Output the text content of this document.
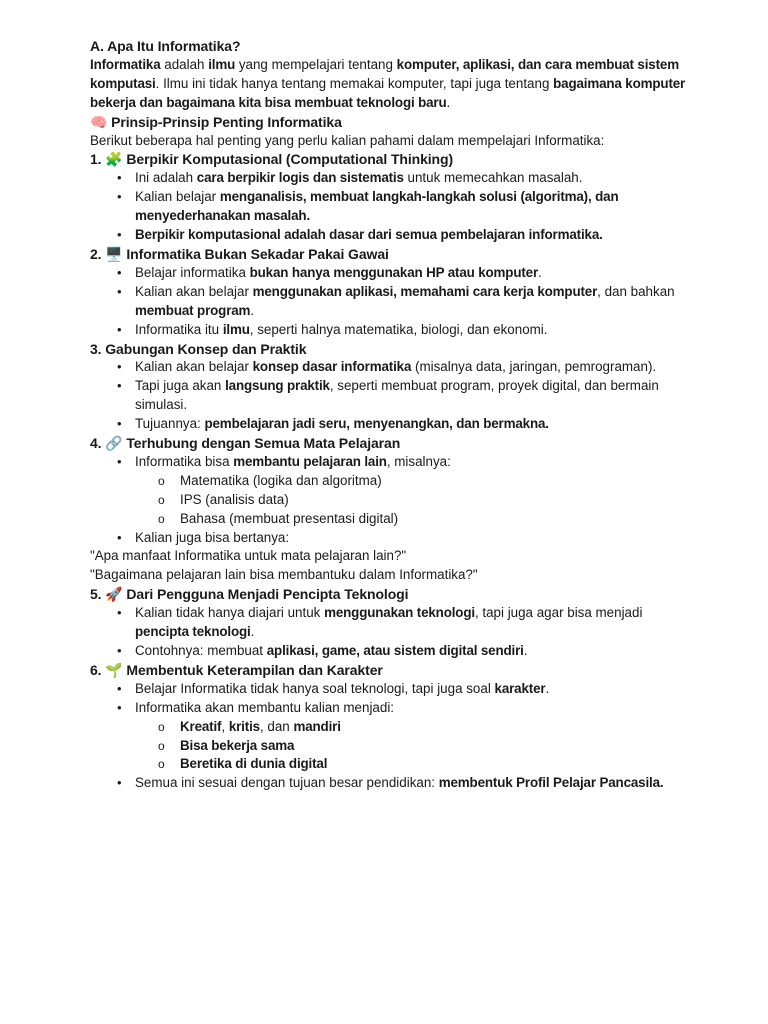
A. Apa Itu Informatika?

Informatika adalah ilmu yang mempelajari tentang komputer, aplikasi, dan cara membuat sistem komputasi. Ilmu ini tidak hanya tentang memakai komputer, tapi juga tentang bagaimana komputer bekerja dan bagaimana kita bisa membuat teknologi baru.

🧠 Prinsip-Prinsip Penting Informatika

Berikut beberapa hal penting yang perlu kalian pahami dalam mempelajari Informatika:

1. 🧩 Berpikir Komputasional (Computational Thinking)

• Ini adalah cara berpikir logis dan sistematis untuk memecahkan masalah.
• Kalian belajar menganalisis, membuat langkah-langkah solusi (algoritma), dan menyederhanakan masalah.
• Berpikir komputasional adalah dasar dari semua pembelajaran informatika.

2. 🖥️ Informatika Bukan Sekadar Pakai Gawai

• Belajar informatika bukan hanya menggunakan HP atau komputer.
• Kalian akan belajar menggunakan aplikasi, memahami cara kerja komputer, dan bahkan membuat program.
• Informatika itu ilmu, seperti halnya matematika, biologi, dan ekonomi.

3. Gabungan Konsep dan Praktik

• Kalian akan belajar konsep dasar informatika (misalnya data, jaringan, pemrograman).
• Tapi juga akan langsung praktik, seperti membuat program, proyek digital, dan bermain simulasi.
• Tujuannya: pembelajaran jadi seru, menyenangkan, dan bermakna.

4. 🔗 Terhubung dengan Semua Mata Pelajaran

• Informatika bisa membantu pelajaran lain, misalnya:
o Matematika (logika dan algoritma)
o IPS (analisis data)
o Bahasa (membuat presentasi digital)
• Kalian juga bisa bertanya:

"Apa manfaat Informatika untuk mata pelajaran lain?"

"Bagaimana pelajaran lain bisa membantuku dalam Informatika?"

5. 🚀 Dari Pengguna Menjadi Pencipta Teknologi

• Kalian tidak hanya diajari untuk menggunakan teknologi, tapi juga agar bisa menjadi pencipta teknologi.
• Contohnya: membuat aplikasi, game, atau sistem digital sendiri.

6. 🌱 Membentuk Keterampilan dan Karakter

• Belajar Informatika tidak hanya soal teknologi, tapi juga soal karakter.
• Informatika akan membantu kalian menjadi:
o Kreatif, kritis, dan mandiri
o Bisa bekerja sama
o Beretika di dunia digital
• Semua ini sesuai dengan tujuan besar pendidikan: membentuk Profil Pelajar Pancasila.
